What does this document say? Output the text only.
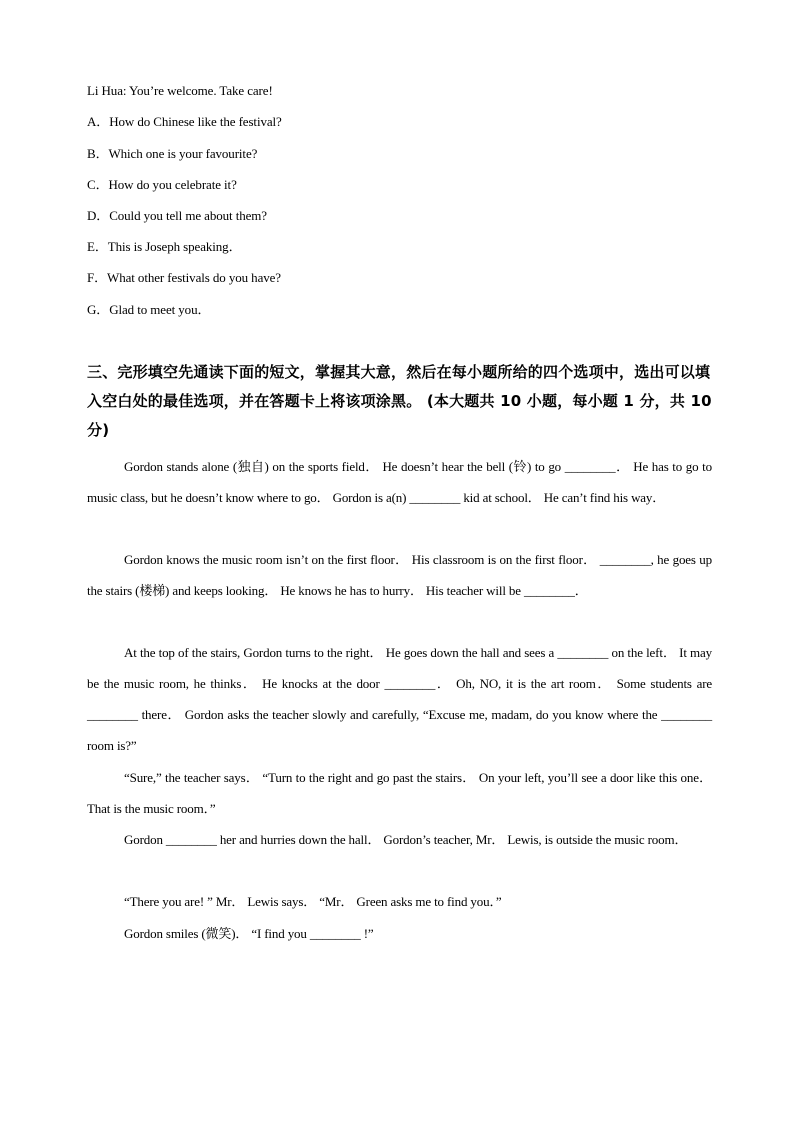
Li Hua: You’re welcome. Take care!
A．How do Chinese like the festival?
B．Which one is your favourite?
C．How do you celebrate it?
D．Could you tell me about them?
E．This is Joseph speaking．
F．What other festivals do you have?
G．Glad to meet you．
三、完形填空先通读下面的短文，掌握其大意，然后在每小题所给的四个选项中，选出可以填入空白处的最佳选项，并在答题卡上将该项涂黑。 (本大题共 10 小题，每小题 1 分，共 10 分)
Gordon stands alone (独自) on the sports field． He doesn’t hear the bell (铃) to go ________． He has to go to music class, but he doesn’t know where to go． Gordon is a(n) ________ kid at school． He can’t find his way．
Gordon knows the music room isn’t on the first floor． His classroom is on the first floor． ________, he goes up the stairs (楼梯) and keeps looking． He knows he has to hurry． His teacher will be ________．
At the top of the stairs, Gordon turns to the right． He goes down the hall and sees a ________ on the left． It may be the music room, he thinks． He knocks at the door ________． Oh, NO, it is the art room． Some students are ________ there． Gordon asks the teacher slowly and carefully, “Excuse me, madam, do you know where the ________ room is?”
“Sure,” the teacher says． “Turn to the right and go past the stairs． On your left, you’ll see a door like this one． That is the music room．”
Gordon ________ her and hurries down the hall． Gordon’s teacher, Mr． Lewis, is outside the music room．
“There you are! ” Mr． Lewis says． “Mr． Green asks me to find you．”
Gordon smiles (微笑)． “I find you ________ !”
